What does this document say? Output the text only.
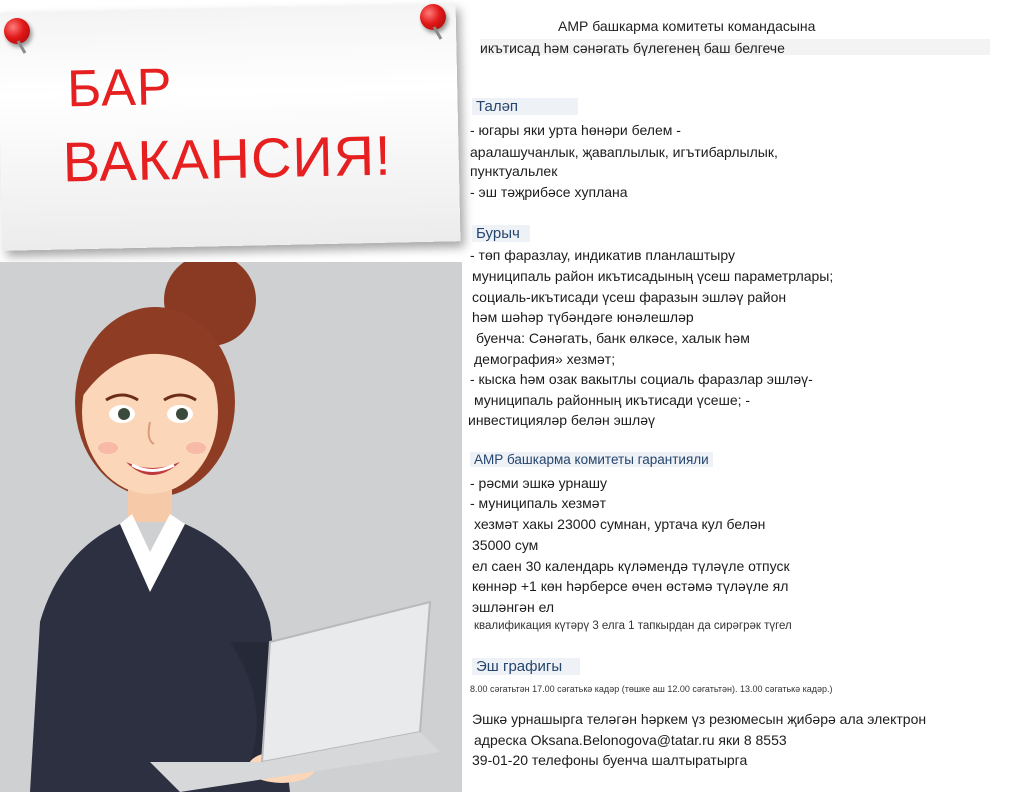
БАР
ВАКАНСИЯ!
АМР башкарма комитеты командасына
икътисад һәм сәнәгать бүлегенең баш белгече
Таләп
- югары яки урта һөнәри белем -
аралашучанлык, җаваплылык, игътибарлылык,
пунктуальлек
- эш тәҗрибәсе хуплана
Бурыч
- төп фаразлау, индикатив планлаштыру
муниципаль район икътисадының үсеш параметрлары;
социаль-икътисади үсеш фаразын эшләү район
һәм шәһәр түбәндәге юнәлешләр
буенча: Сәнәгать, банк өлкәсе, халык һәм
демография» хезмәт;
- кыска һәм озак вакытлы социаль фаразлар эшләү-
муниципаль районның икътисади үсеше; -
инвестицияләр белән эшләү
АМР башкарма комитеты гарантияли
- рәсми эшкә урнашу
- муниципаль хезмәт
хезмәт хакы 23000 сумнан, уртача кул белән
35000 сум
ел саен 30 календарь күләмендә түләүле отпуск
көннәр +1 көн һәрберсе өчен өстәмә түләүле ял
эшләнгән ел
квалификация күтәрү 3 елга 1 тапкырдан да сирәгрәк түгел
Эш графигы
8.00 сәгатьтән 17.00 сәгатькә кадәр (төшке аш 12.00 сәгатьтән). 13.00 сәгатькә кадәр.)
Эшкә урнашырга теләгән һәркем үз резюмесын җибәрә ала электрон
адреска Oksana.Belonogova@tatar.ru яки 8 8553
39-01-20 телефоны буенча шалтыратырга
